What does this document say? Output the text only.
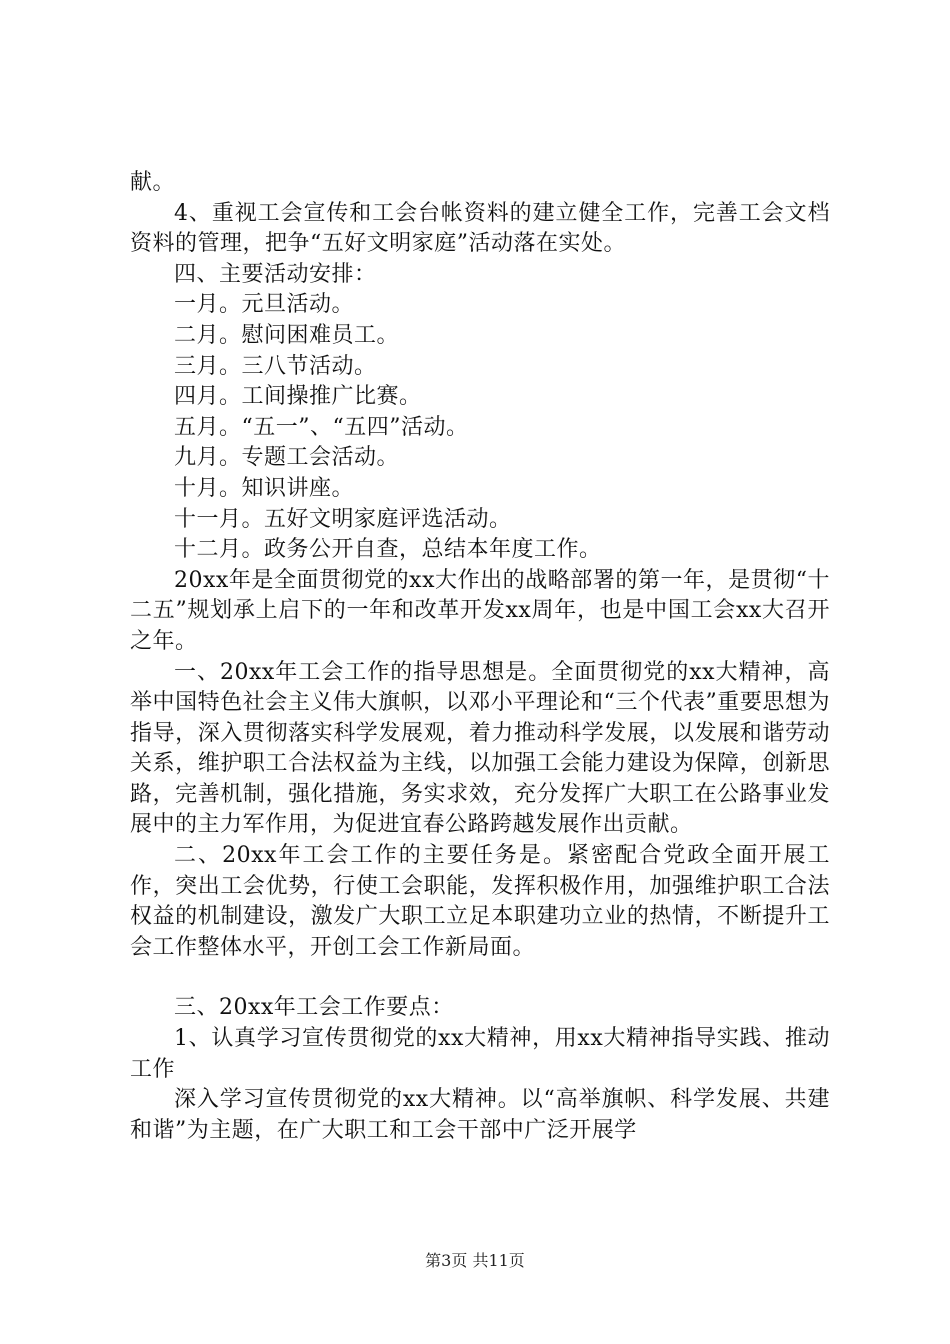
献。

4、重视工会宣传和工会台帐资料的建立健全工作，完善工会文档资料的管理，把争“五好文明家庭”活动落在实处。

四、主要活动安排：

一月。元旦活动。

二月。慰问困难员工。

三月。三八节活动。

四月。工间操推广比赛。

五月。“五一”、“五四”活动。

九月。专题工会活动。

十月。知识讲座。

十一月。五好文明家庭评选活动。

十二月。政务公开自查，总结本年度工作。

20xx年是全面贯彻党的xx大作出的战略部署的第一年，是贯彻“十二五”规划承上启下的一年和改革开发xx周年，也是中国工会xx大召开之年。

一、20xx年工会工作的指导思想是。全面贯彻党的xx大精神，高举中国特色社会主义伟大旗帜，以邓小平理论和“三个代表”重要思想为指导，深入贯彻落实科学发展观，着力推动科学发展，以发展和谐劳动关系，维护职工合法权益为主线，以加强工会能力建设为保障，创新思路，完善机制，强化措施，务实求效，充分发挥广大职工在公路事业发展中的主力军作用，为促进宜春公路跨越发展作出贡献。

二、20xx年工会工作的主要任务是。紧密配合党政全面开展工作，突出工会优势，行使工会职能，发挥积极作用，加强维护职工合法权益的机制建设，激发广大职工立足本职建功立业的热情，不断提升工会工作整体水平，开创工会工作新局面。

三、20xx年工会工作要点：

1、认真学习宣传贯彻党的xx大精神，用xx大精神指导实践、推动工作

深入学习宣传贯彻党的xx大精神。以“高举旗帜、科学发展、共建和谐”为主题，在广大职工和工会干部中广泛开展学

第3页 共11页
